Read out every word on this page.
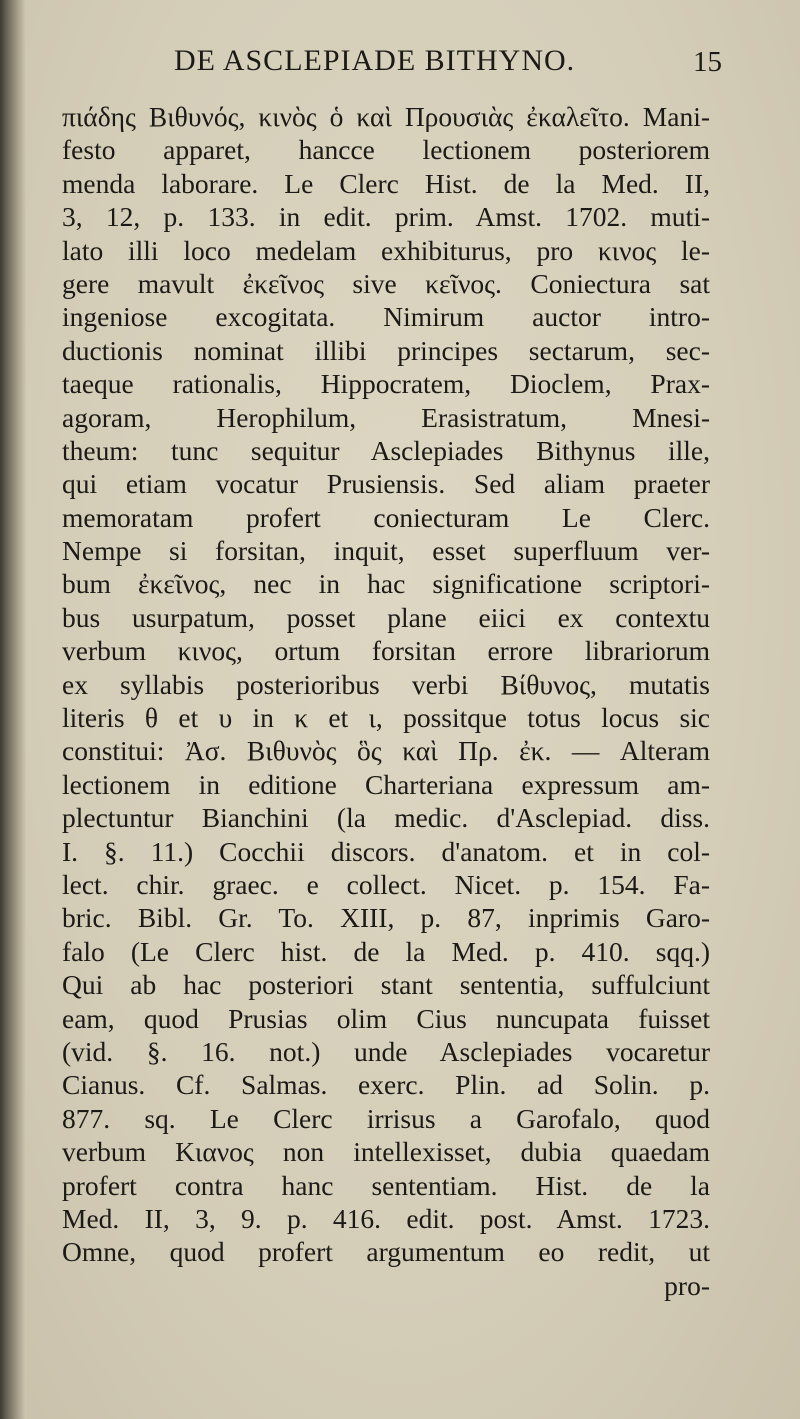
DE ASCLEPIADE BITHYNO.	15
πιάδης Βιθυνός, κινὸς ὁ καὶ Προυσιὰς ἐκαλεῖτο. Mani-
festo apparet, hancce lectionem posteriorem
menda laborare. Le Clerc Hist. de la Med. II,
3, 12, p. 133. in edit. prim. Amst. 1702. muti-
lato illi loco medelam exhibiturus, pro κινος le-
gere mavult ἐκεῖνος sive κεῖνος. Coniectura sat
ingeniose excogitata. Nimirum auctor intro-
ductionis nominat illibi principes sectarum, sec-
taeque rationalis, Hippocratem, Dioclem, Prax-
agoram, Herophilum, Erasistratum, Mnesi-
theum: tunc sequitur Asclepiades Bithynus ille,
qui etiam vocatur Prusiensis. Sed aliam praeter
memoratam profert coniecturam Le Clerc.
Nempe si forsitan, inquit, esset superfluum ver-
bum ἐκεῖνος, nec in hac significatione scriptori-
bus usurpatum, posset plane eiici ex contextu
verbum κινος, ortum forsitan errore librariorum
ex syllabis posterioribus verbi Βίθυνος, mutatis
literis θ et υ in κ et ι, possitque totus locus sic
constitui: Ἀσ. Βιθυνὸς ὃς καὶ Πρ. ἐκ. — Alteram
lectionem in editione Charteriana expressum am-
plectuntur Bianchini (la medic. d'Asclepiad. diss.
I. §. 11.) Cocchii discors. d'anatom. et in col-
lect. chir. graec. e collect. Nicet. p. 154. Fa-
bric. Bibl. Gr. To. XIII, p. 87, inprimis Garo-
falo (Le Clerc hist. de la Med. p. 410. sqq.)
Qui ab hac posteriori stant sententia, suffulciunt
eam, quod Prusias olim Cius nuncupata fuisset
(vid. §. 16. not.) unde Asclepiades vocaretur
Cianus. Cf. Salmas. exerc. Plin. ad Solin. p.
877. sq. Le Clerc irrisus a Garofalo, quod
verbum Κιανος non intellexisset, dubia quaedam
profert contra hanc sententiam. Hist. de la
Med. II, 3, 9. p. 416. edit. post. Amst. 1723.
Omne, quod profert argumentum eo redit, ut
pro-
